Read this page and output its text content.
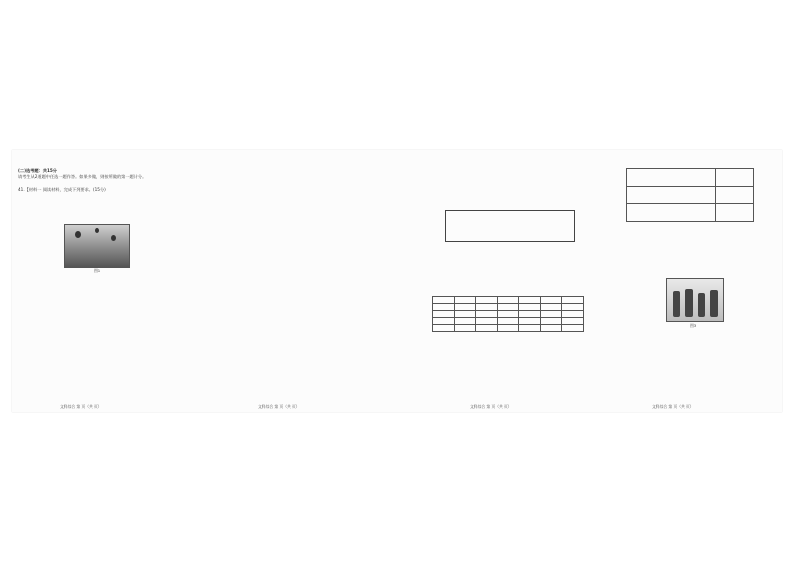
(二)选考题：共15分

请考生从2道题中任选一题作答。如果多做，则按所做的第一题计分。

41.【材料一 阅读材料，完成下列要求。(15分)

图1

图3
文科综合 第 页（共 页）	文科综合 第 页（共 页）	文科综合 第 页（共 页）	文科综合 第 页（共 页）
